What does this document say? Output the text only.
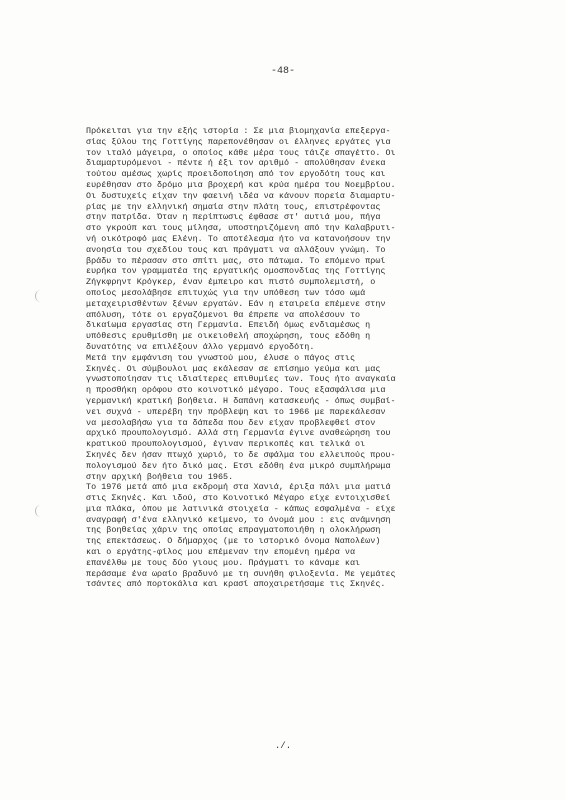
-48-
Πρόκειται για την εξής ιστορία : Σε μια βιομηχανία επεξεργα-
σίας ξύλου της Γοττίγης παρεπονέθησαν οι έλληνες εργάτες για
τον ιταλό μάγειρα, ο οποίος κάθε μέρα τους τάιζε σπαγέττο. Οι
διαμαρτυρόμενοι - πέντε ή έξι τον αριθμό - απολύθησαν ένεκα
τούτου αμέσως χωρίς προειδοποίηση από τον εργοδότη τους και
ευρέθησαν στο δρόμο μια βροχερή και κρύα ημέρα του Νοεμβρίου.
Οι δυστυχείς είχαν την φαεινή ιδέα να κάνουν πορεία διαμαρτυ-
ρίας με την ελληνική σημαία στην πλάτη τους, επιστρέφοντας
στην πατρίδα. Όταν η περίπτωσις έφθασε στ' αυτιά μου, πήγα
στο γκρούπ και τους μίλησα, υποστηριζόμενη από την Καλαβρυτι-
νή οικότροφό μας Ελένη. Το αποτέλεσμα ήτο να κατανοήσουν την
ανοησία του σχεδίου τους και πράγματι να αλλάξουν γνώμη. Το
βράδυ το πέρασαν στο σπίτι μας, στο πάτωμα. Το επόμενο πρωί
ευρήκα τον γραμματέα της εργατικής ομοσπονδίας της Γοττίγης
Ζήγκφρηντ Κρόγκερ, έναν έμπειρο και πιστό συμπολεμιστή, ο
οποίος μεσολάβησε επιτυχώς για την υπόθεση των τόσο ωμά
μεταχειρισθέντων ξένων εργατών. Εάν η εταιρεία επέμενε στην
απόλυση, τότε οι εργαζόμενοι θα έπρεπε να απολέσουν το
δικαίωμα εργασίας στη Γερμανία. Επειδή όμως ενδιαμέσως η
υπόθεσις ερυθμίσθη με οικειοθελή αποχώρηση, τους εδόθη η
δυνατότης να επιλέξουν άλλο γερμανό εργοδότη.
Μετά την εμφάνιση του γνωστού μου, έλυσε ο πάγος στις
Σκηνές. Οι σύμβουλοι μας εκάλεσαν σε επίσημο γεύμα και μας
γνωστοποίησαν τις ιδιαίτερες επιθυμίες των. Τους ήτο αναγκαία
η προσθήκη ορόφου στο κοινοτικό μέγαρο. Τους εξασφάλισα μια
γερμανική κρατική βοήθεια. Η δαπάνη κατασκευής - όπως συμβαί-
νει συχνά - υπερέβη την πρόβλεψη και το 1966 με παρεκάλεσαν
να μεσολαβήσω για τα δάπεδα που δεν είχαν προβλεφθεί στον
αρχικό προυπολογισμό. Αλλά στη Γερμανία έγινε αναθεώρηση του
κρατικού προυπολογισμού, έγιναν περικοπές και τελικά οι
Σκηνές δεν ήσαν πτωχό χωριό, το δε σφάλμα του ελλειπούς πρου-
πολογισμού δεν ήτο δικό μας. Ετσι εδόθη ένα μικρό συμπλήρωμα
στην αρχική βοήθεια του 1965.
Το 1976 μετά από μια εκδρομή στα Χανιά, έριξα πάλι μια ματιά
στις Σκηνές. Και ιδού, στο Κοινοτικό Μέγαρο είχε εντοιχισθεί
μια πλάκα, όπου με λατινικά στοιχεία - κάπως εσφαλμένα - είχε
αναγραφή σ'ένα ελληνικό κείμενο, το όνομά μου : εις ανάμνηση
της βοηθείας χάριν της οποίας επραγματοποιήθη η ολοκλήρωση
της επεκτάσεως. Ο δήμαρχος (με το ιστορικό όνομα Ναπολέων)
και ο εργάτης-φίλος μου επέμεναν την επομένη ημέρα να
επανέλθω με τους δύο γιους μου. Πράγματι το κάναμε και
περάσαμε ένα ωραίο βραδυνό με τη συνήθη φιλοξενία. Με γεμάτες
τσάντες από πορτοκάλια και κρασί αποχαιρετήσαμε τις Σκηνές.
./.
